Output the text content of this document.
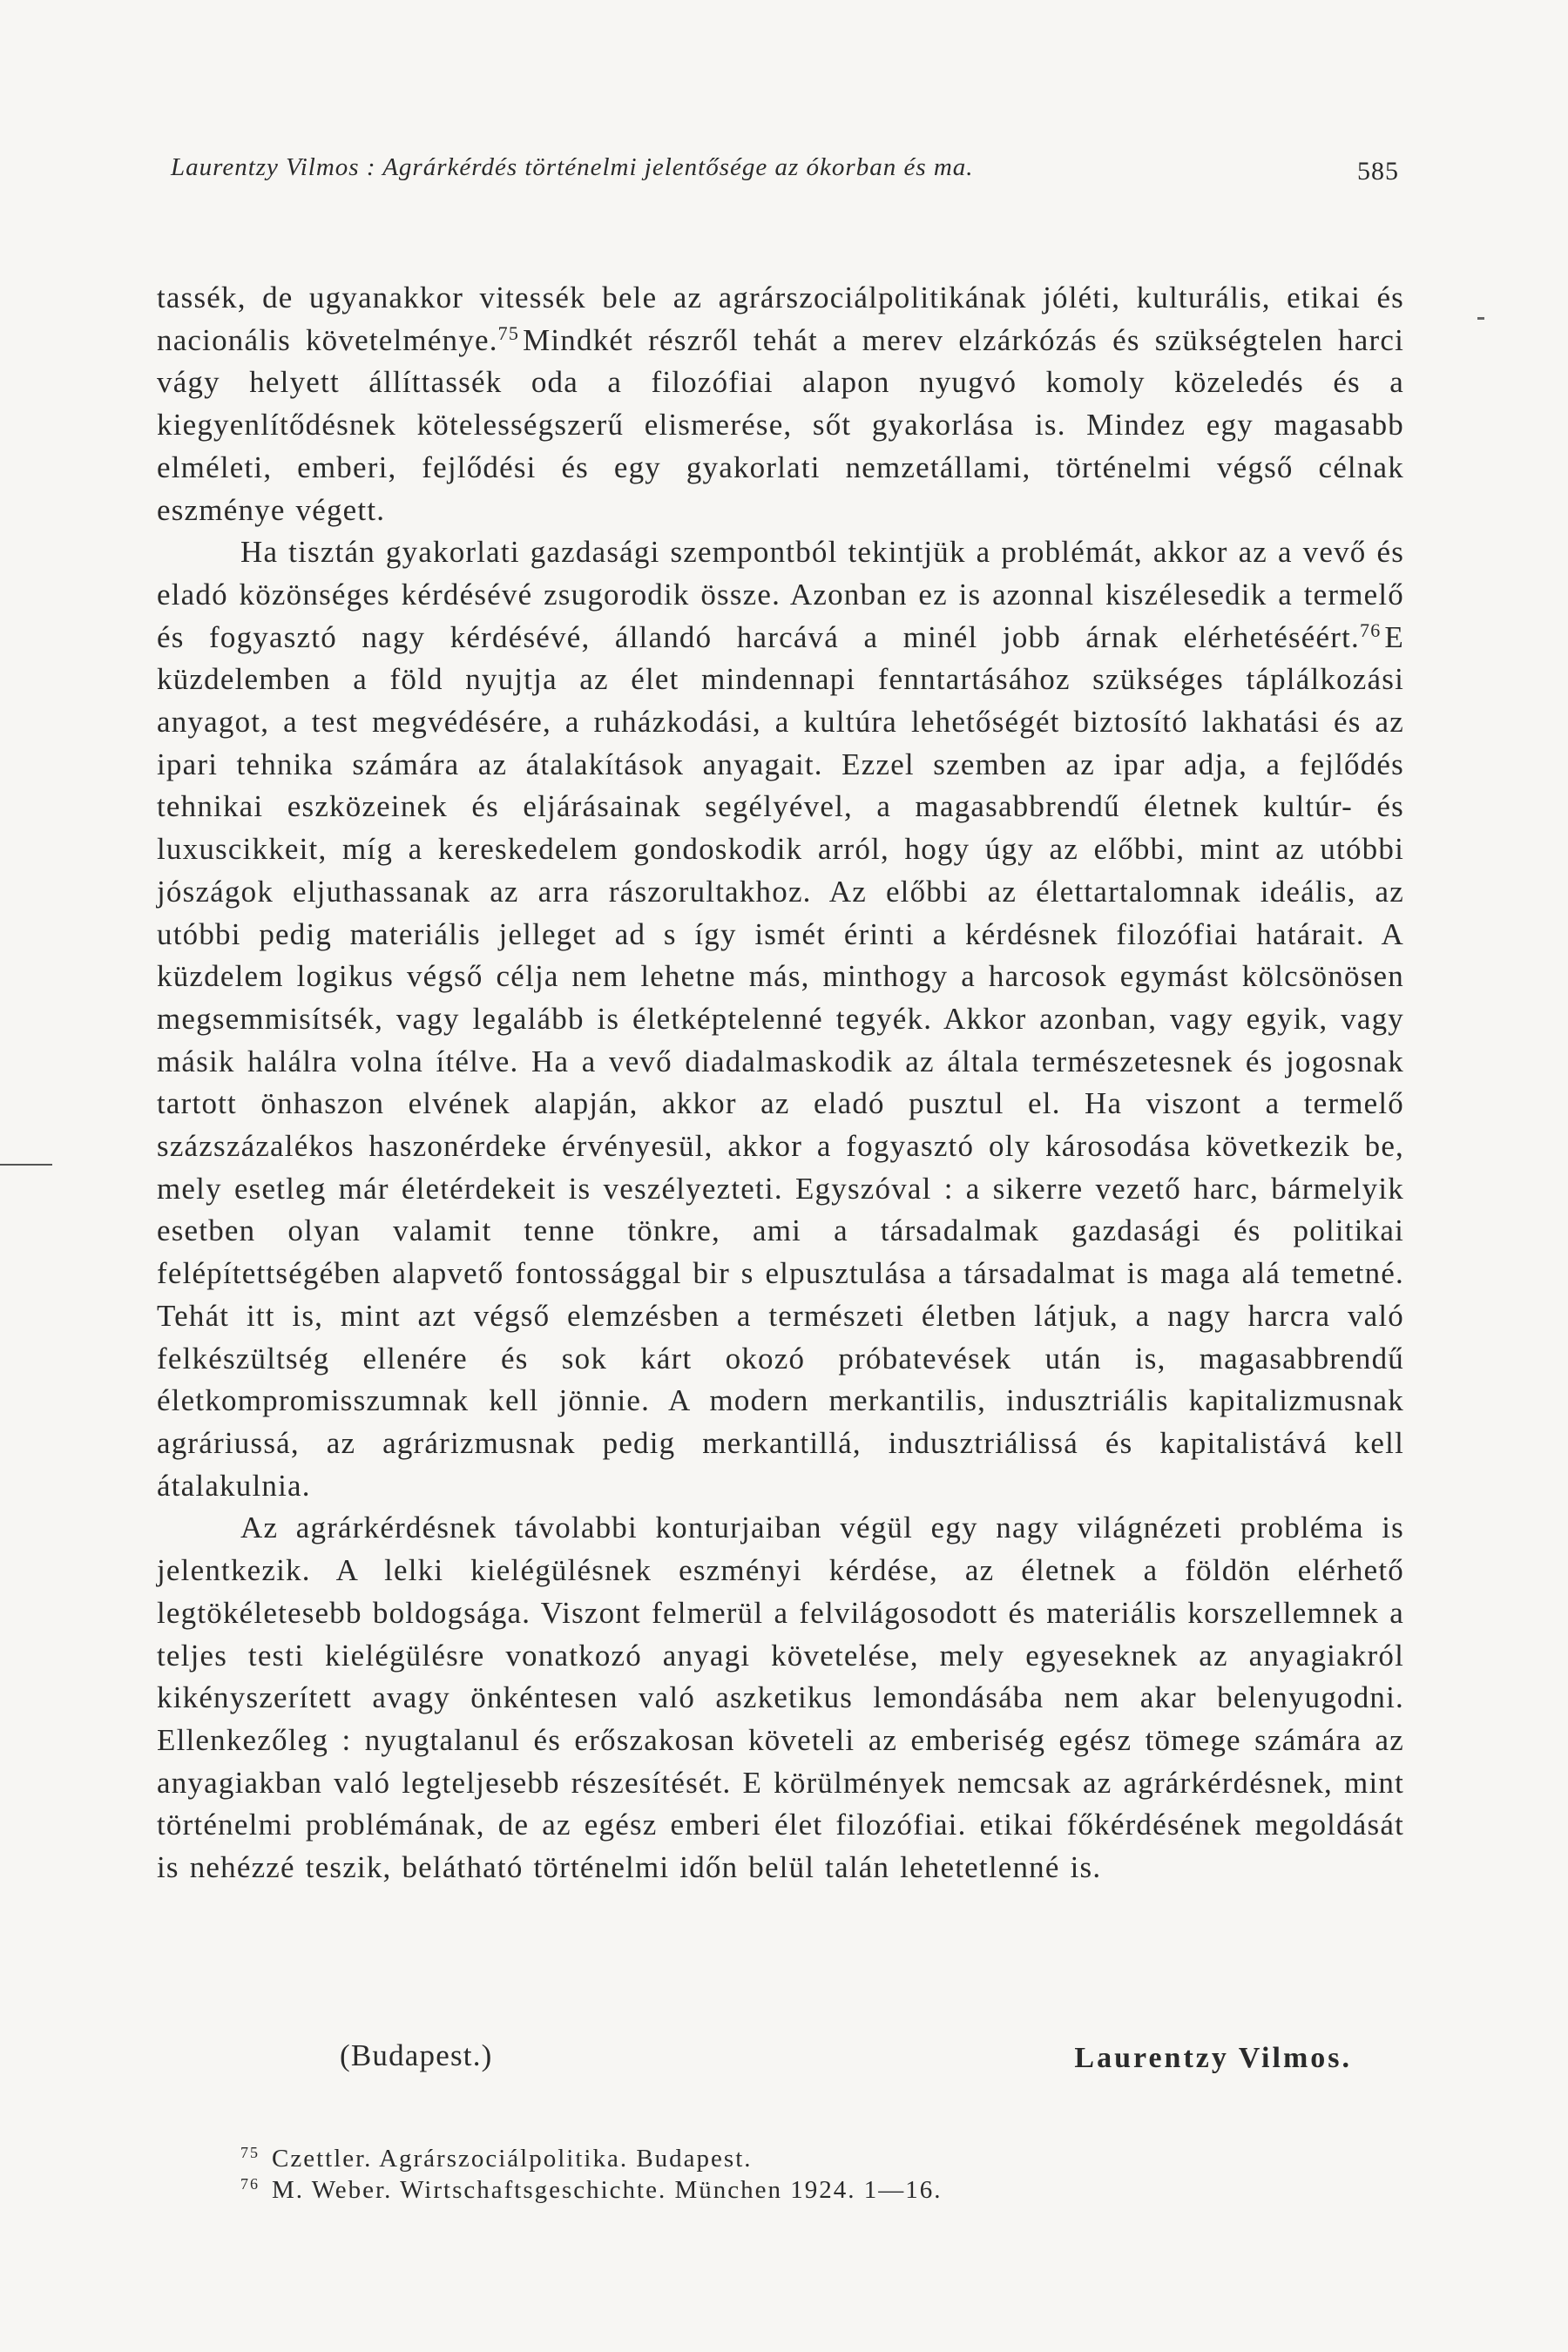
Laurentzy Vilmos : Agrárkérdés történelmi jelentősége az ókorban és ma.	585

tassék, de ugyanakkor vitessék bele az agrárszociálpolitikának jóléti, kulturális, etikai és nacionális követelménye.$^{75}$ Mindkét részről tehát a merev elzárkózás és szükségtelen harci vágy helyett állíttassék oda a filozófiai alapon nyugvó komoly közeledés és a kiegyenlítődésnek kötelességszerű elismerése, sőt gyakorlása is. Mindez egy magasabb elméleti, emberi, fejlődési és egy gyakorlati nemzetállami, történelmi végső célnak eszménye végett.

Ha tisztán gyakorlati gazdasági szempontból tekintjük a problémát, akkor az a vevő és eladó közönséges kérdésévé zsugorodik össze. Azonban ez is azonnal kiszélesedik a termelő és fogyasztó nagy kérdésévé, állandó harcává a minél jobb árnak elérhetéséért.$^{76}$ E küzdelemben a föld nyujtja az élet mindennapi fenntartásához szükséges táplálkozási anyagot, a test megvédésére, a ruházkodási, a kultúra lehetőségét biztosító lakhatási és az ipari tehnika számára az átalakítások anyagait. Ezzel szemben az ipar adja, a fejlődés tehnikai eszközeinek és eljárásainak segélyével, a magasabbrendű életnek kultúr- és luxuscikkeit, míg a kereskedelem gondoskodik arról, hogy úgy az előbbi, mint az utóbbi jószágok eljuthassanak az arra rászorultakhoz. Az előbbi az élettartalomnak ideális, az utóbbi pedig materiális jelleget ad s így ismét érinti a kérdésnek filozófiai határait. A küzdelem logikus végső célja nem lehetne más, minthogy a harcosok egymást kölcsönösen megsemmisítsék, vagy legalább is életképtelenné tegyék. Akkor azonban, vagy egyik, vagy másik halálra volna ítélve. Ha a vevő diadalmaskodik az általa természetesnek és jogosnak tartott önhaszon elvének alapján, akkor az eladó pusztul el. Ha viszont a termelő százszázalékos haszonérdeke érvényesül, akkor a fogyasztó oly károsodása következik be, mely esetleg már életérdekeit is veszélyezteti. Egyszóval : a sikerre vezető harc, bármelyik esetben olyan valamit tenne tönkre, ami a társadalmak gazdasági és politikai felépítettségében alapvető fontossággal bir s elpusztulása a társadalmat is maga alá temetné. Tehát itt is, mint azt végső elemzésben a természeti életben látjuk, a nagy harcra való felkészültség ellenére és sok kárt okozó próbatevések után is, magasabbrendű életkompromisszumnak kell jönnie. A modern merkantilis, indusztriális kapitalizmusnak agráriussá, az agrárizmusnak pedig merkantillá, indusztriálissá és kapitalistává kell átalakulnia.

Az agrárkérdésnek távolabbi konturjaiban végül egy nagy világnézeti probléma is jelentkezik. A lelki kielégülésnek eszményi kérdése, az életnek a földön elérhető legtökéletesebb boldogsága. Viszont felmerül a felvilágosodott és materiális korszellemnek a teljes testi kielégülésre vonatkozó anyagi követelése, mely egyeseknek az anyagiakról kikényszerített avagy önkéntesen való aszketikus lemondásába nem akar belenyugodni. Ellenkezőleg : nyugtalanul és erőszakosan követeli az emberiség egész tömege számára az anyagiakban való legteljesebb részesítését. E körülmények nemcsak az agrárkérdésnek, mint történelmi problémának, de az egész emberi élet filozófiai. etikai főkérdésének megoldását is nehézzé teszik, belátható történelmi időn belül talán lehetetlenné is.

(Budapest.)	Laurentzy Vilmos.
$^{75}$ Czettler. Agrárszociálpolitika. Budapest.
$^{76}$ M. Weber. Wirtschaftsgeschichte. München 1924. 1—16.
